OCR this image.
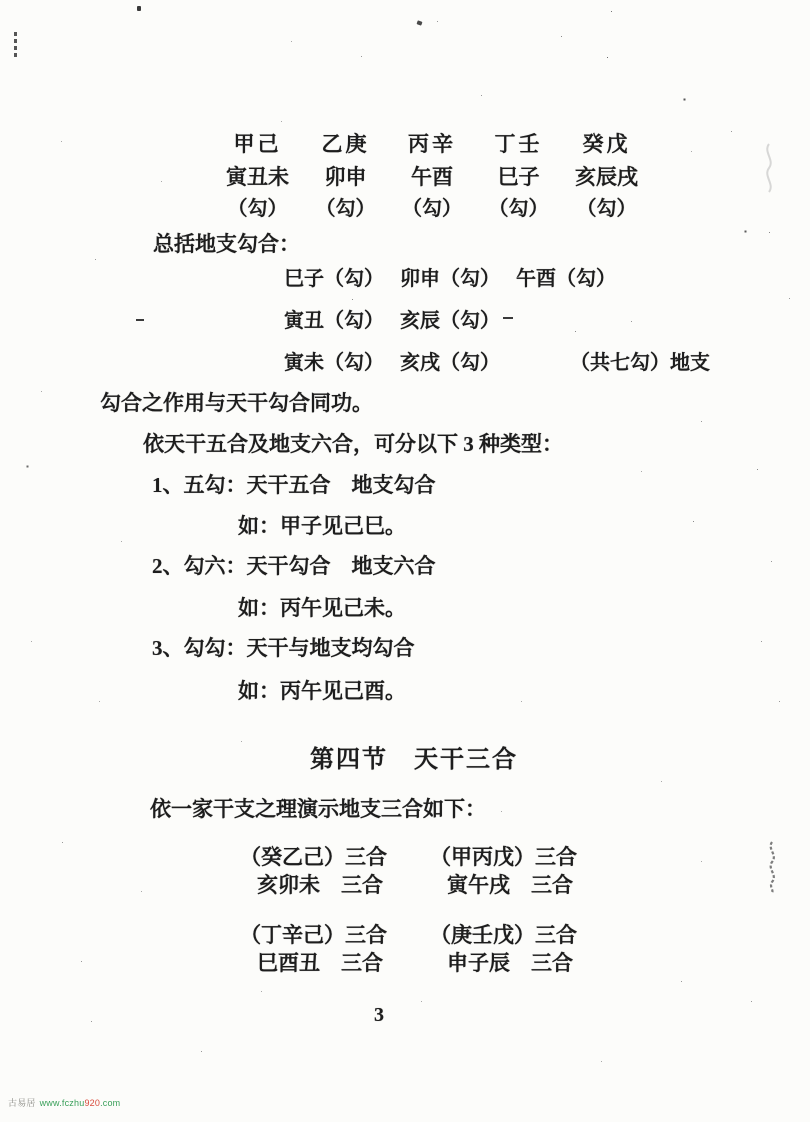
甲己
寅丑未
（勾）
乙庚
卯申
（勾）
丙辛
午酉
（勾）
丁壬
巳子
（勾）
癸戊
亥辰戌
（勾）
总括地支勾合：
巳子（勾） 卯申（勾） 午酉（勾）
寅丑（勾） 亥辰（勾）
寅未（勾） 亥戌（勾）	（共七勾）地支
勾合之作用与天干勾合同功。
依天干五合及地支六合，可分以下 3 种类型：
1、五勾：天干五合　地支勾合
如：甲子见己巳。
2、勾六：天干勾合　地支六合
如：丙午见己未。
3、勾勾：天干与地支均勾合
如：丙午见己酉。
第四节　天干三合
依一家干支之理演示地支三合如下：
（癸乙己）三合
亥卯未　三合
（甲丙戊）三合
寅午戌　三合
（丁辛己）三合
巳酉丑　三合
（庚壬戊）三合
申子辰　三合
3
古易居 www.fczhu920.com
